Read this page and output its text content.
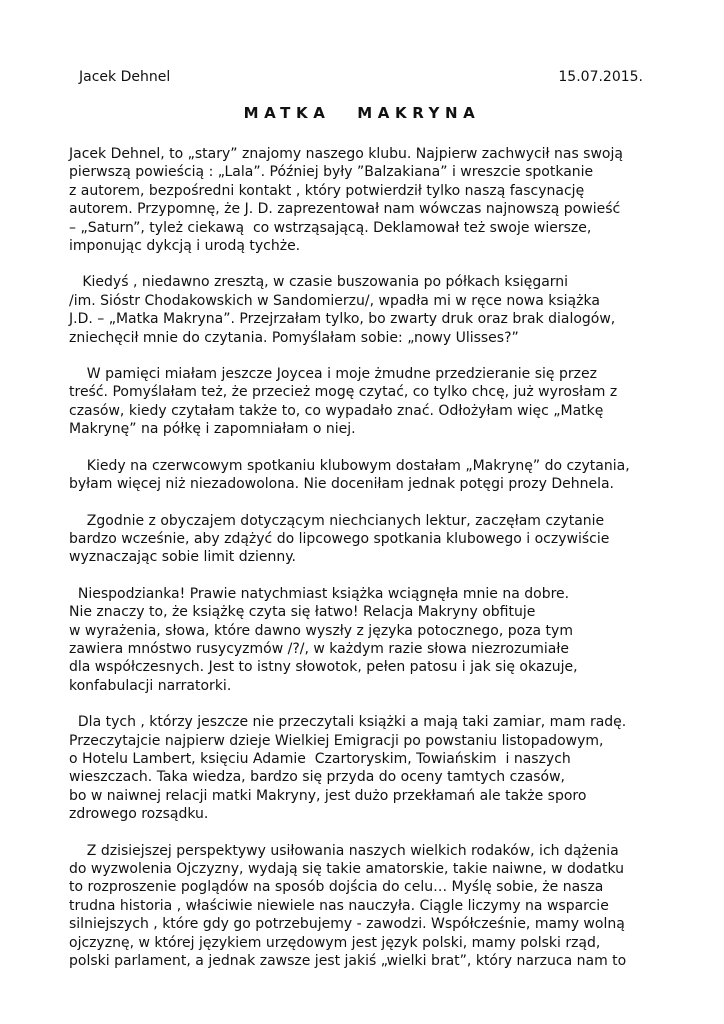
Jacek Dehnel	15.07.2015.
MATKA MAKRYNA
Jacek Dehnel, to „stary” znajomy naszego klubu. Najpierw zachwycił nas swoją
pierwszą powieścią : „Lala”. Później były ”Balzakiana” i wreszcie spotkanie
z autorem, bezpośredni kontakt , który potwierdził tylko naszą fascynację
autorem. Przypomnę, że J. D. zaprezentował nam wówczas najnowszą powieść
– „Saturn”, tyleż ciekawą  co wstrząsającą. Deklamował też swoje wiersze,
imponując dykcją i urodą tychże.
Kiedyś , niedawno zresztą, w czasie buszowania po półkach księgarni
/im. Sióstr Chodakowskich w Sandomierzu/, wpadła mi w ręce nowa książka
J.D. – „Matka Makryna”. Przejrzałam tylko, bo zwarty druk oraz brak dialogów,
zniechęcił mnie do czytania. Pomyślałam sobie: „nowy Ulisses?”
W pamięci miałam jeszcze Joycea i moje żmudne przedzieranie się przez
treść. Pomyślałam też, że przecież mogę czytać, co tylko chcę, już wyrosłam z
czasów, kiedy czytałam także to, co wypadało znać. Odłożyłam więc „Matkę
Makrynę” na półkę i zapomniałam o niej.
Kiedy na czerwcowym spotkaniu klubowym dostałam „Makrynę” do czytania,
byłam więcej niż niezadowolona. Nie doceniłam jednak potęgi prozy Dehnela.
Zgodnie z obyczajem dotyczącym niechcianych lektur, zaczęłam czytanie
bardzo wcześnie, aby zdążyć do lipcowego spotkania klubowego i oczywiście
wyznaczając sobie limit dzienny.
Niespodzianka! Prawie natychmiast książka wciągnęła mnie na dobre.
Nie znaczy to, że książkę czyta się łatwo! Relacja Makryny obfituje
w wyrażenia, słowa, które dawno wyszły z języka potocznego, poza tym
zawiera mnóstwo rusycyzmów /?/, w każdym razie słowa niezrozumiałe
dla współczesnych. Jest to istny słowotok, pełen patosu i jak się okazuje,
konfabulacji narratorki.
Dla tych , którzy jeszcze nie przeczytali książki a mają taki zamiar, mam radę.
Przeczytajcie najpierw dzieje Wielkiej Emigracji po powstaniu listopadowym,
o Hotelu Lambert, księciu Adamie  Czartoryskim, Towiańskim  i naszych
wieszczach. Taka wiedza, bardzo się przyda do oceny tamtych czasów,
bo w naiwnej relacji matki Makryny, jest dużo przekłamań ale także sporo
zdrowego rozsądku.
Z dzisiejszej perspektywy usiłowania naszych wielkich rodaków, ich dążenia
do wyzwolenia Ojczyzny, wydają się takie amatorskie, takie naiwne, w dodatku
to rozproszenie poglądów na sposób dojścia do celu… Myślę sobie, że nasza
trudna historia , właściwie niewiele nas nauczyła. Ciągle liczymy na wsparcie
silniejszych , które gdy go potrzebujemy - zawodzi. Współcześnie, mamy wolną
ojczyznę, w której językiem urzędowym jest język polski, mamy polski rząd,
polski parlament, a jednak zawsze jest jakiś „wielki brat”, który narzuca nam to
